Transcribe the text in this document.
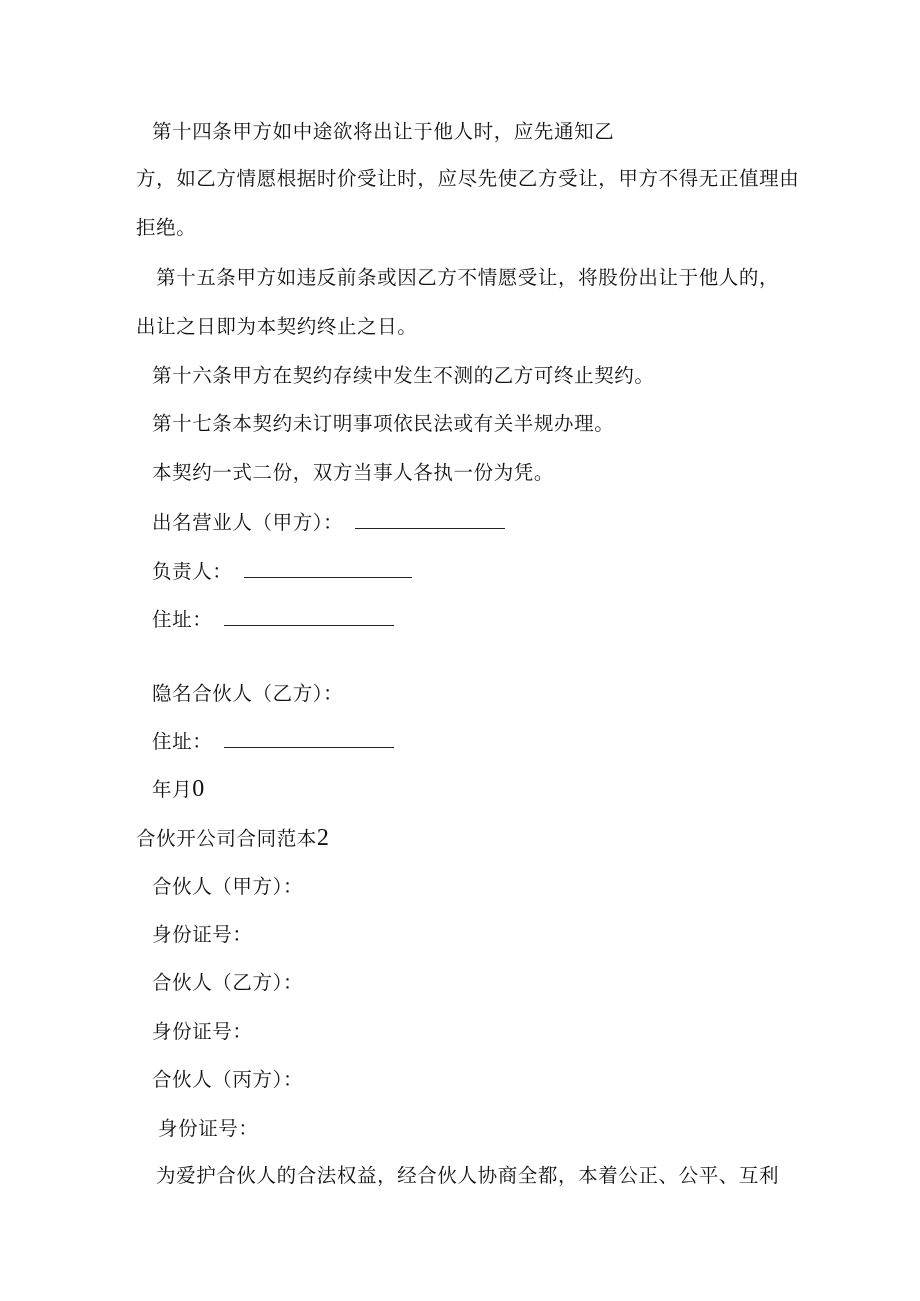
第十四条甲方如中途欲将出让于他人时，应先通知乙
方，如乙方情愿根据时价受让时，应尽先使乙方受让，甲方不得无正值理由
拒绝。
第十五条甲方如违反前条或因乙方不情愿受让，将股份出让于他人的，
出让之日即为本契约终止之日。
第十六条甲方在契约存续中发生不测的乙方可终止契约。
第十七条本契约未订明事项依民法或有关半规办理。
本契约一式二份，双方当事人各执一份为凭。
出名营业人（甲方）：
负责人：
住址：
隐名合伙人（乙方）：
住址：
年月0
合伙开公司合同范本2
合伙人（甲方）：
身份证号：
合伙人（乙方）：
身份证号：
合伙人（丙方）：
身份证号：
为爱护合伙人的合法权益，经合伙人协商全都，本着公正、公平、互利
